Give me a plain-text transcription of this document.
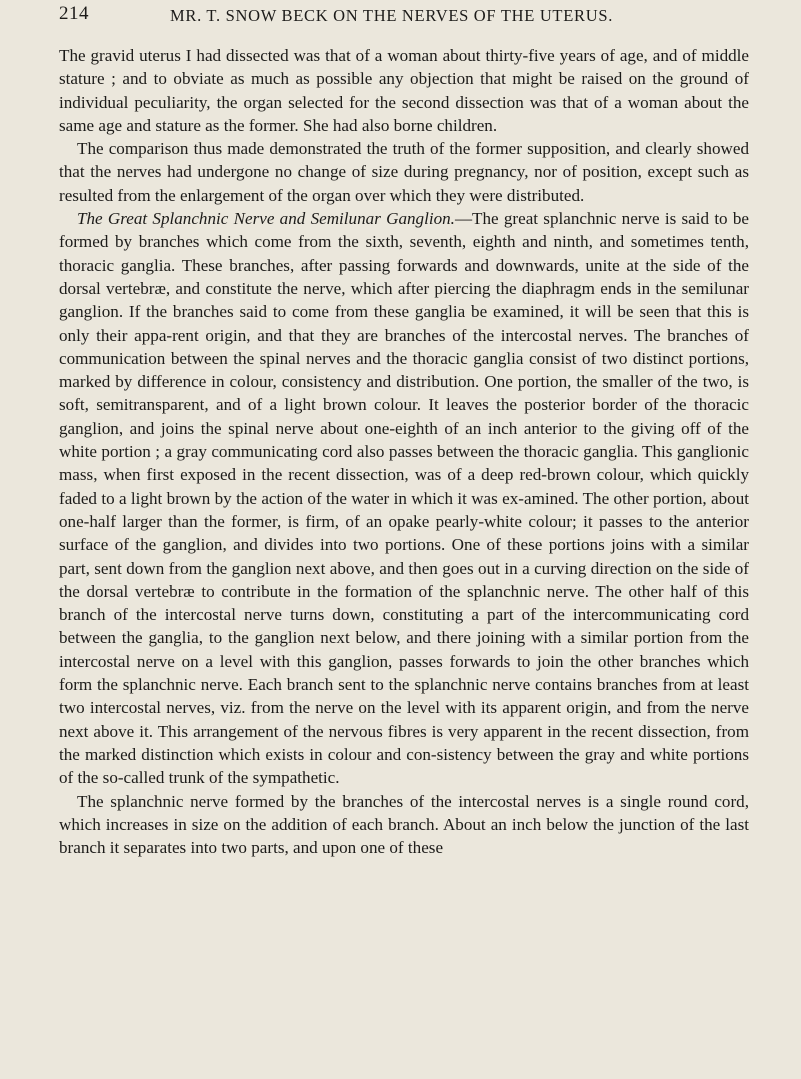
214	MR. T. SNOW BECK ON THE NERVES OF THE UTERUS.

The gravid uterus I had dissected was that of a woman about thirty-five years of age, and of middle stature ; and to obviate as much as possible any objection that might be raised on the ground of individual peculiarity, the organ selected for the second dissection was that of a woman about the same age and stature as the former. She had also borne children.

The comparison thus made demonstrated the truth of the former supposition, and clearly showed that the nerves had undergone no change of size during pregnancy, nor of position, except such as resulted from the enlargement of the organ over which they were distributed.

The Great Splanchnic Nerve and Semilunar Ganglion.—The great splanchnic nerve is said to be formed by branches which come from the sixth, seventh, eighth and ninth, and sometimes tenth, thoracic ganglia. These branches, after passing forwards and downwards, unite at the side of the dorsal vertebræ, and constitute the nerve, which after piercing the diaphragm ends in the semilunar ganglion. If the branches said to come from these ganglia be examined, it will be seen that this is only their appa-rent origin, and that they are branches of the intercostal nerves. The branches of communication between the spinal nerves and the thoracic ganglia consist of two distinct portions, marked by difference in colour, consistency and distribution. One portion, the smaller of the two, is soft, semitransparent, and of a light brown colour. It leaves the posterior border of the thoracic ganglion, and joins the spinal nerve about one-eighth of an inch anterior to the giving off of the white portion ; a gray communicating cord also passes between the thoracic ganglia. This ganglionic mass, when first exposed in the recent dissection, was of a deep red-brown colour, which quickly faded to a light brown by the action of the water in which it was ex-amined. The other portion, about one-half larger than the former, is firm, of an opake pearly-white colour; it passes to the anterior surface of the ganglion, and divides into two portions. One of these portions joins with a similar part, sent down from the ganglion next above, and then goes out in a curving direction on the side of the dorsal vertebræ to contribute in the formation of the splanchnic nerve. The other half of this branch of the intercostal nerve turns down, constituting a part of the intercommunicating cord between the ganglia, to the ganglion next below, and there joining with a similar portion from the intercostal nerve on a level with this ganglion, passes forwards to join the other branches which form the splanchnic nerve. Each branch sent to the splanchnic nerve contains branches from at least two intercostal nerves, viz. from the nerve on the level with its apparent origin, and from the nerve next above it. This arrangement of the nervous fibres is very apparent in the recent dissection, from the marked distinction which exists in colour and con-sistency between the gray and white portions of the so-called trunk of the sympathetic.

The splanchnic nerve formed by the branches of the intercostal nerves is a single round cord, which increases in size on the addition of each branch. About an inch below the junction of the last branch it separates into two parts, and upon one of these
